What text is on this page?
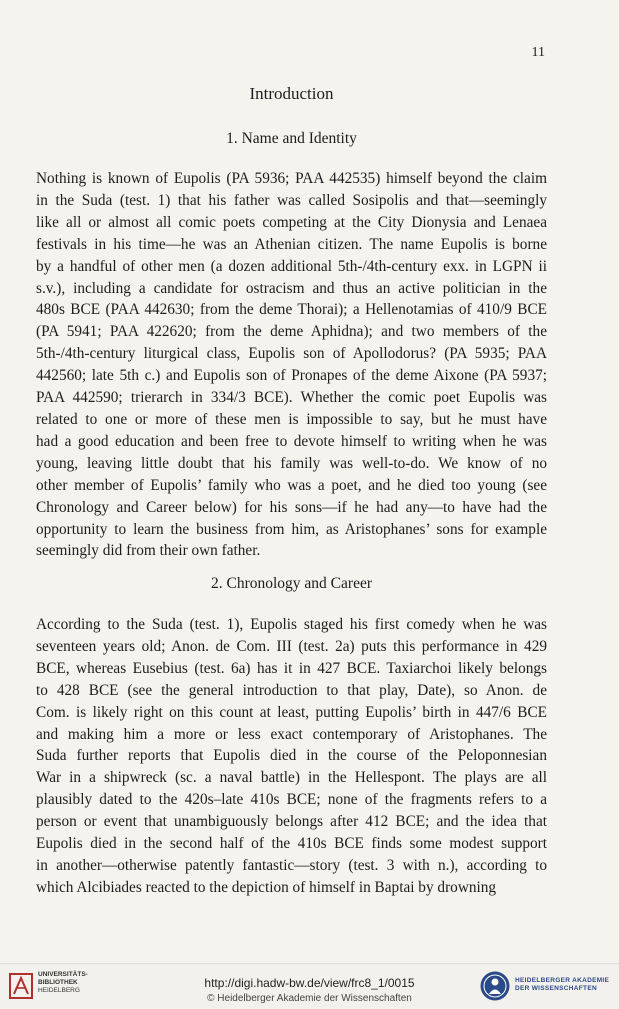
11
Introduction
1. Name and Identity
Nothing is known of Eupolis (PA 5936; PAA 442535) himself beyond the claim
in the Suda (test. 1) that his father was called Sosipolis and that—seemingly
like all or almost all comic poets competing at the City Dionysia and Lenaea
festivals in his time—he was an Athenian citizen. The name Eupolis is borne
by a handful of other men (a dozen additional 5th-/4th-century exx. in LGPN ii
s.v.), including a candidate for ostracism and thus an active politician in the
480s BCE (PAA 442630; from the deme Thorai); a Hellenotamias of 410/9 BCE
(PA 5941; PAA 422620; from the deme Aphidna); and two members of the
5th-/4th-century liturgical class, Eupolis son of Apollodorus? (PA 5935; PAA
442560; late 5th c.) and Eupolis son of Pronapes of the deme Aixone (PA 5937;
PAA 442590; trierarch in 334/3 BCE). Whether the comic poet Eupolis was
related to one or more of these men is impossible to say, but he must have
had a good education and been free to devote himself to writing when he was
young, leaving little doubt that his family was well-to-do. We know of no
other member of Eupolis’ family who was a poet, and he died too young (see
Chronology and Career below) for his sons—if he had any—to have had the
opportunity to learn the business from him, as Aristophanes’ sons for example
seemingly did from their own father.
2. Chronology and Career
According to the Suda (test. 1), Eupolis staged his first comedy when he was
seventeen years old; Anon. de Com. III (test. 2a) puts this performance in 429
BCE, whereas Eusebius (test. 6a) has it in 427 BCE. Taxiarchoi likely belongs
to 428 BCE (see the general introduction to that play, Date), so Anon. de
Com. is likely right on this count at least, putting Eupolis’ birth in 447/6 BCE
and making him a more or less exact contemporary of Aristophanes. The
Suda further reports that Eupolis died in the course of the Peloponnesian
War in a shipwreck (sc. a naval battle) in the Hellespont. The plays are all
plausibly dated to the 420s–late 410s BCE; none of the fragments refers to a
person or event that unambiguously belongs after 412 BCE; and the idea that
Eupolis died in the second half of the 410s BCE finds some modest support
in another—otherwise patently fantastic—story (test. 3 with n.), according to
which Alcibiades reacted to the depiction of himself in Baptai by drowning
UNIVERSITÄTS-
BIBLIOTHEK
HEIDELBERG
http://digi.hadw-bw.de/view/frc8_1/0015
© Heidelberger Akademie der Wissenschaften
HEIDELBERGER AKADEMIE
DER WISSENSCHAFTEN
